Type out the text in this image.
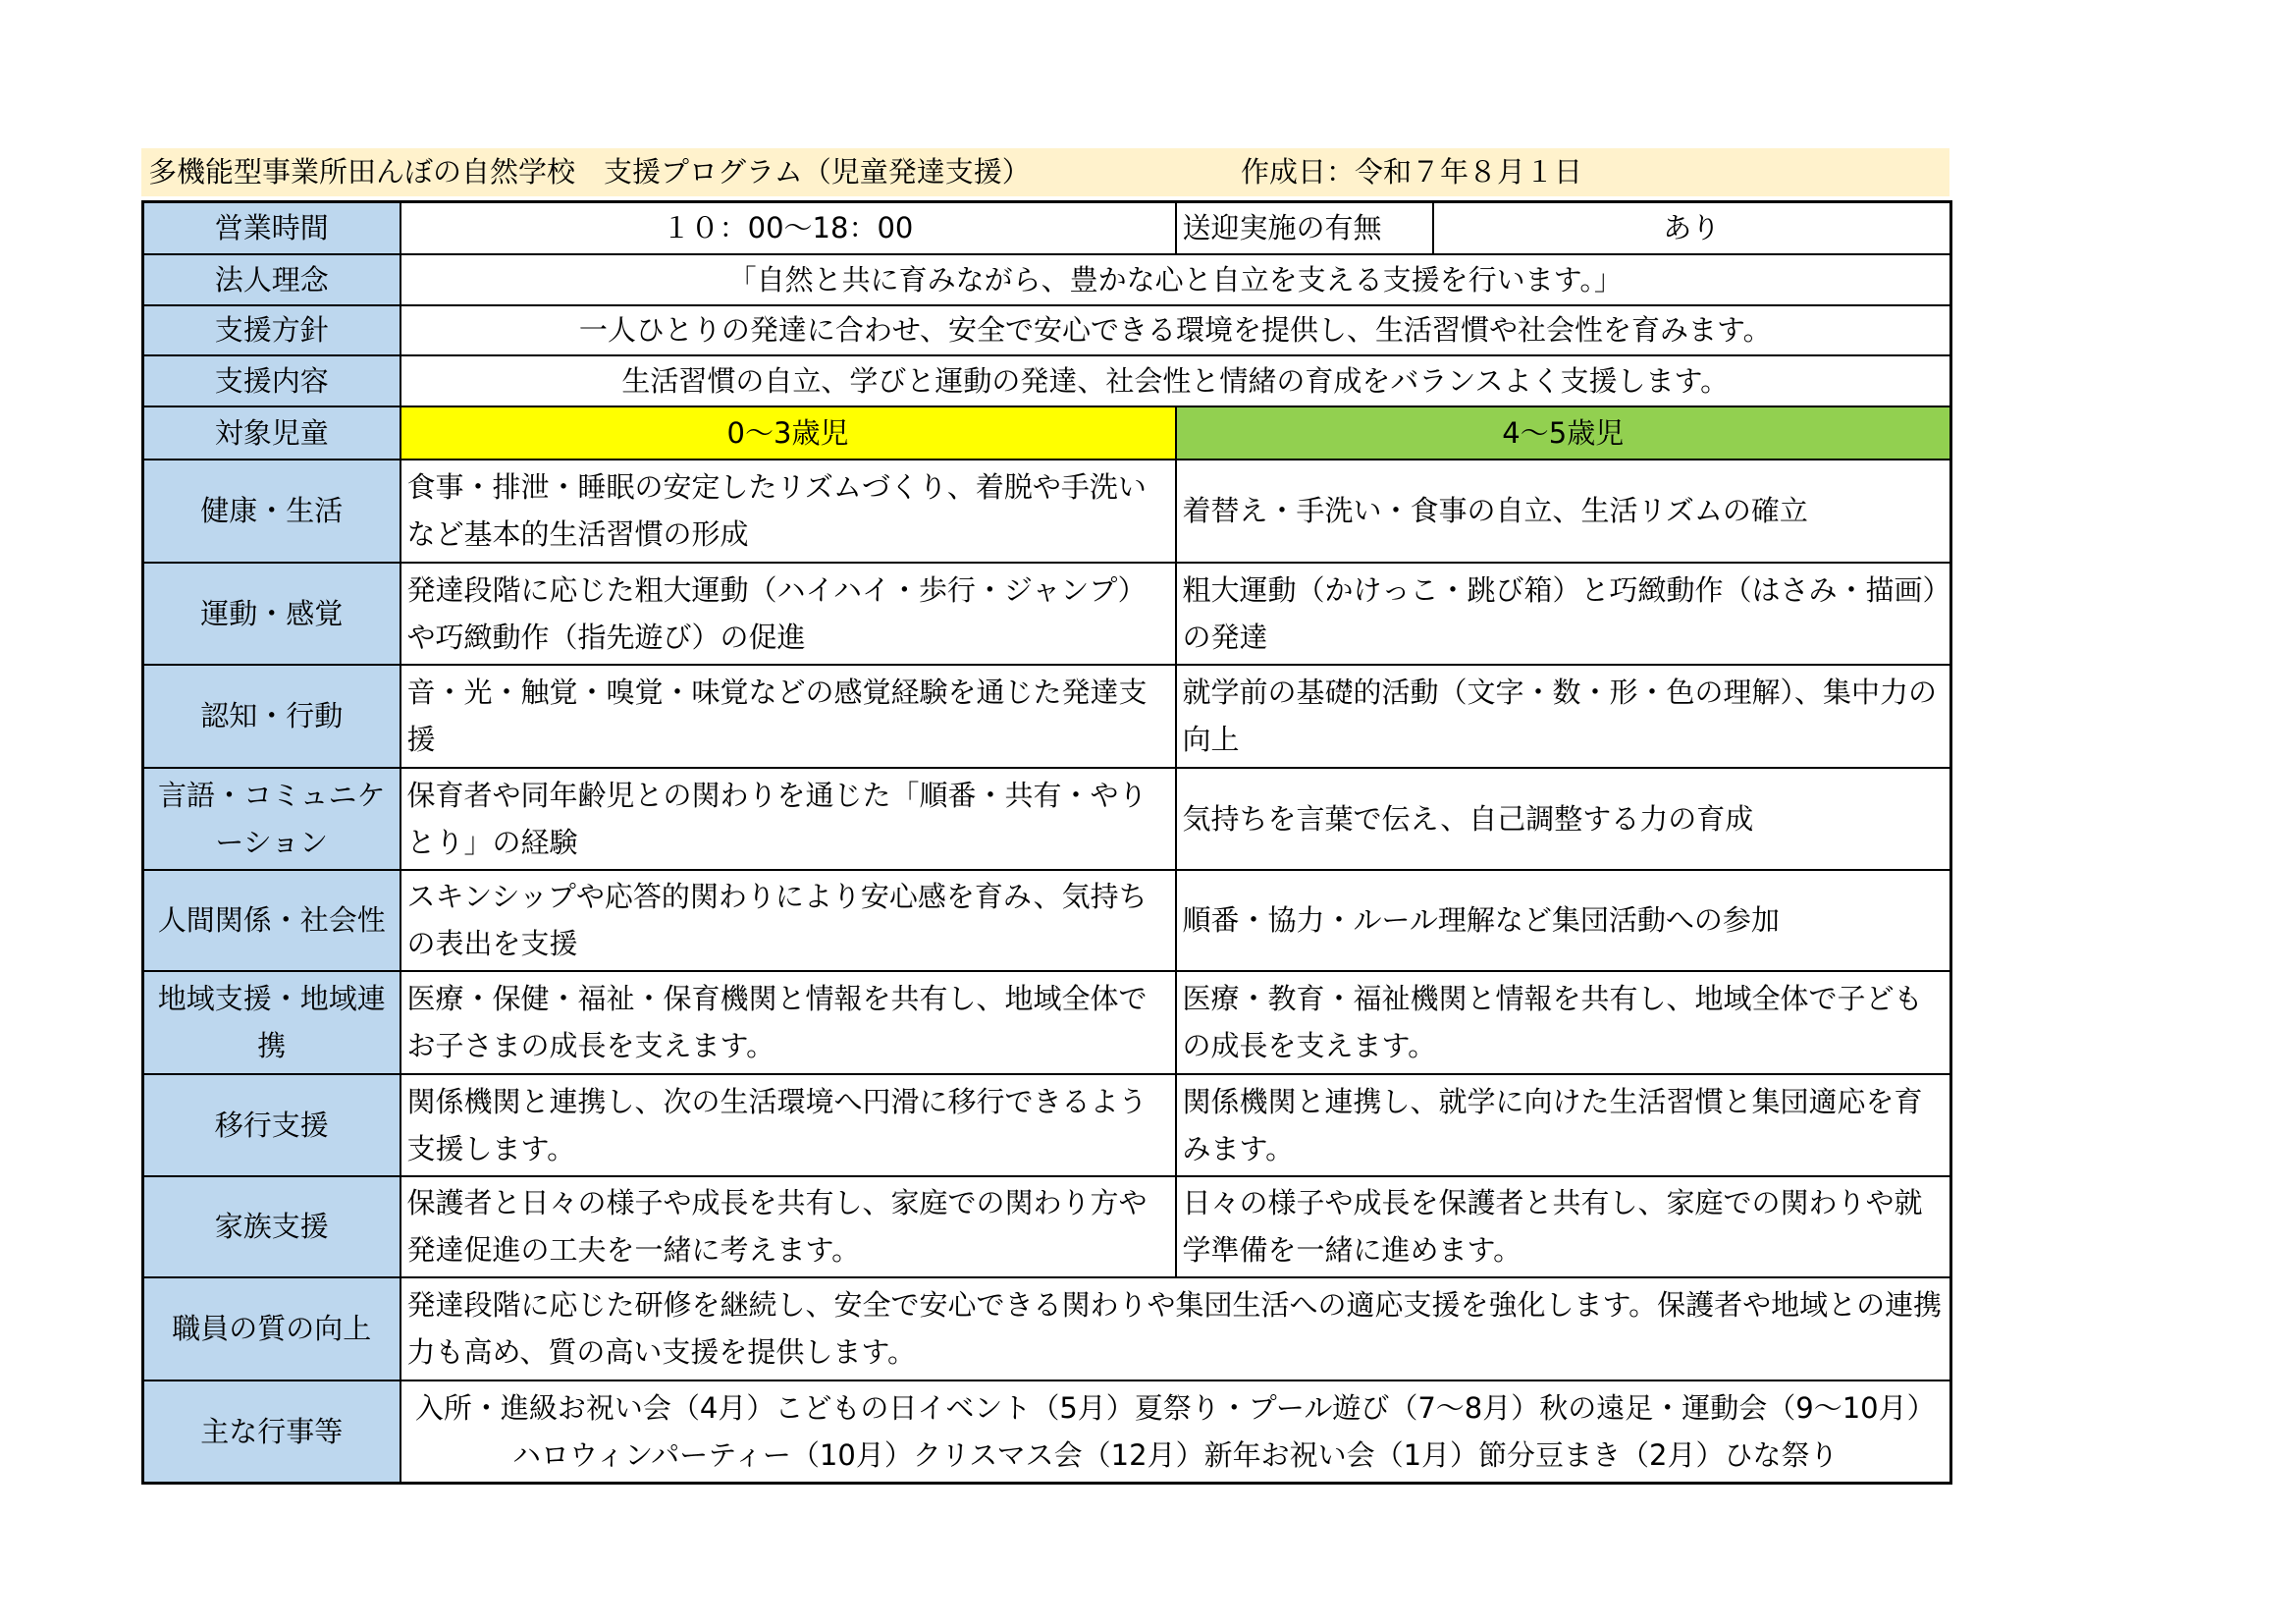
多機能型事業所田んぼの自然学校　支援プログラム（児童発達支援）	作成日：令和７年８月１日
営業時間	１０：00～18：00	送迎実施の有無	あり

法人理念	「自然と共に育みながら、豊かな心と自立を支える支援を行います。」		

支援方針	一人ひとりの発達に合わせ、安全で安心できる環境を提供し、生活習慣や社会性を育みます。		

支援内容	生活習慣の自立、学びと運動の発達、社会性と情緒の育成をバランスよく支援します。		

対象児童	0～3歳児	4～5歳児	

健康・生活	食事・排泄・睡眠の安定したリズムづくり、着脱や手洗いなど基本的生活習慣の形成	着替え・手洗い・食事の自立、生活リズムの確立	

運動・感覚	発達段階に応じた粗大運動（ハイハイ・歩行・ジャンプ）や巧緻動作（指先遊び）の促進	粗大運動（かけっこ・跳び箱）と巧緻動作（はさみ・描画）の発達	

認知・行動	音・光・触覚・嗅覚・味覚などの感覚経験を通じた発達支援	就学前の基礎的活動（文字・数・形・色の理解）、集中力の向上	

言語・コミュニケーション	保育者や同年齢児との関わりを通じた「順番・共有・やりとり」の経験	気持ちを言葉で伝え、自己調整する力の育成	

人間関係・社会性	スキンシップや応答的関わりにより安心感を育み、気持ちの表出を支援	順番・協力・ルール理解など集団活動への参加	

地域支援・地域連携	医療・保健・福祉・保育機関と情報を共有し、地域全体でお子さまの成長を支えます。	医療・教育・福祉機関と情報を共有し、地域全体で子どもの成長を支えます。	

移行支援	関係機関と連携し、次の生活環境へ円滑に移行できるよう支援します。	関係機関と連携し、就学に向けた生活習慣と集団適応を育みます。	

家族支援	保護者と日々の様子や成長を共有し、家庭での関わり方や発達促進の工夫を一緒に考えます。	日々の様子や成長を保護者と共有し、家庭での関わりや就学準備を一緒に進めます。	

職員の質の向上	発達段階に応じた研修を継続し、安全で安心できる関わりや集団生活への適応支援を強化します。保護者や地域との連携力も高め、質の高い支援を提供します。		

主な行事等	入所・進級お祝い会（4月）こどもの日イベント（5月）夏祭り・プール遊び（7～8月）秋の遠足・運動会（9～10月）ハロウィンパーティー（10月）クリスマス会（12月）新年お祝い会（1月）節分豆まき（2月）ひな祭り		
